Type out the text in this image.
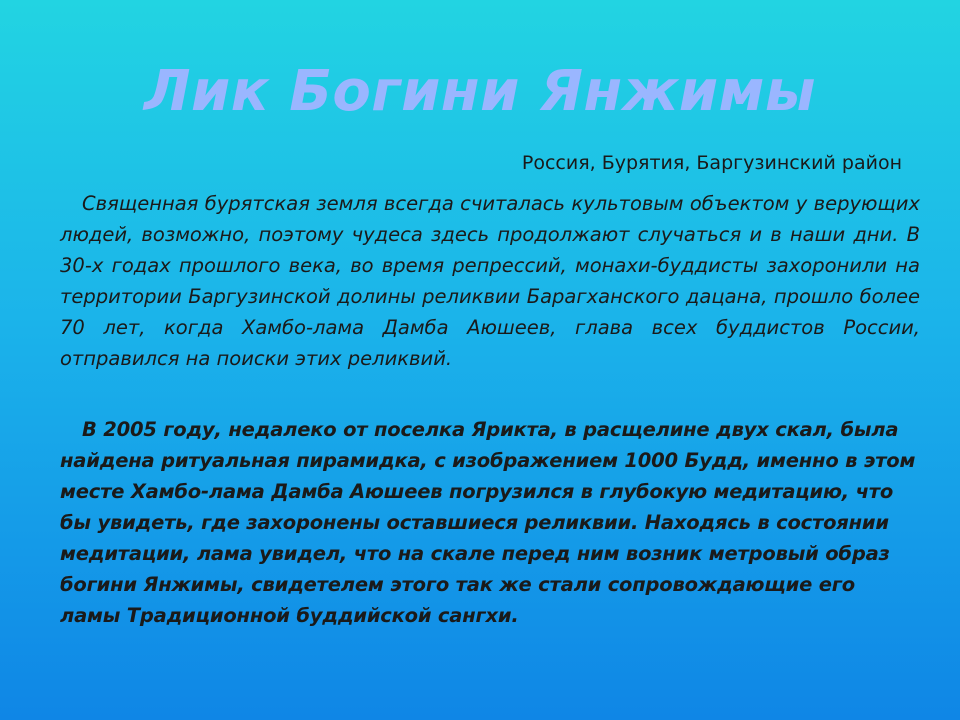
Лик Богини Янжимы
Россия, Бурятия, Баргузинский район

Священная бурятская земля всегда считалась культовым объектом у верующих людей, возможно, поэтому чудеса здесь продолжают случаться и в наши дни. В 30-х годах прошлого века, во время репрессий, монахи-буддисты захоронили на территории Баргузинской долины реликвии Барагханского дацана, прошло более 70 лет, когда Хамбо-лама Дамба Аюшеев, глава всех буддистов России, отправился на поиски этих реликвий.

В 2005 году, недалеко от поселка Ярикта, в расщелине двух скал, была найдена ритуальная пирамидка, с изображением 1000 Будд, именно в этом месте Хамбо-лама Дамба Аюшеев погрузился в глубокую медитацию, что бы увидеть, где захоронены оставшиеся реликвии. Находясь в состоянии медитации, лама увидел, что на скале перед ним возник метровый образ богини Янжимы, свидетелем этого так же стали сопровождающие его ламы Традиционной буддийской сангхи.
